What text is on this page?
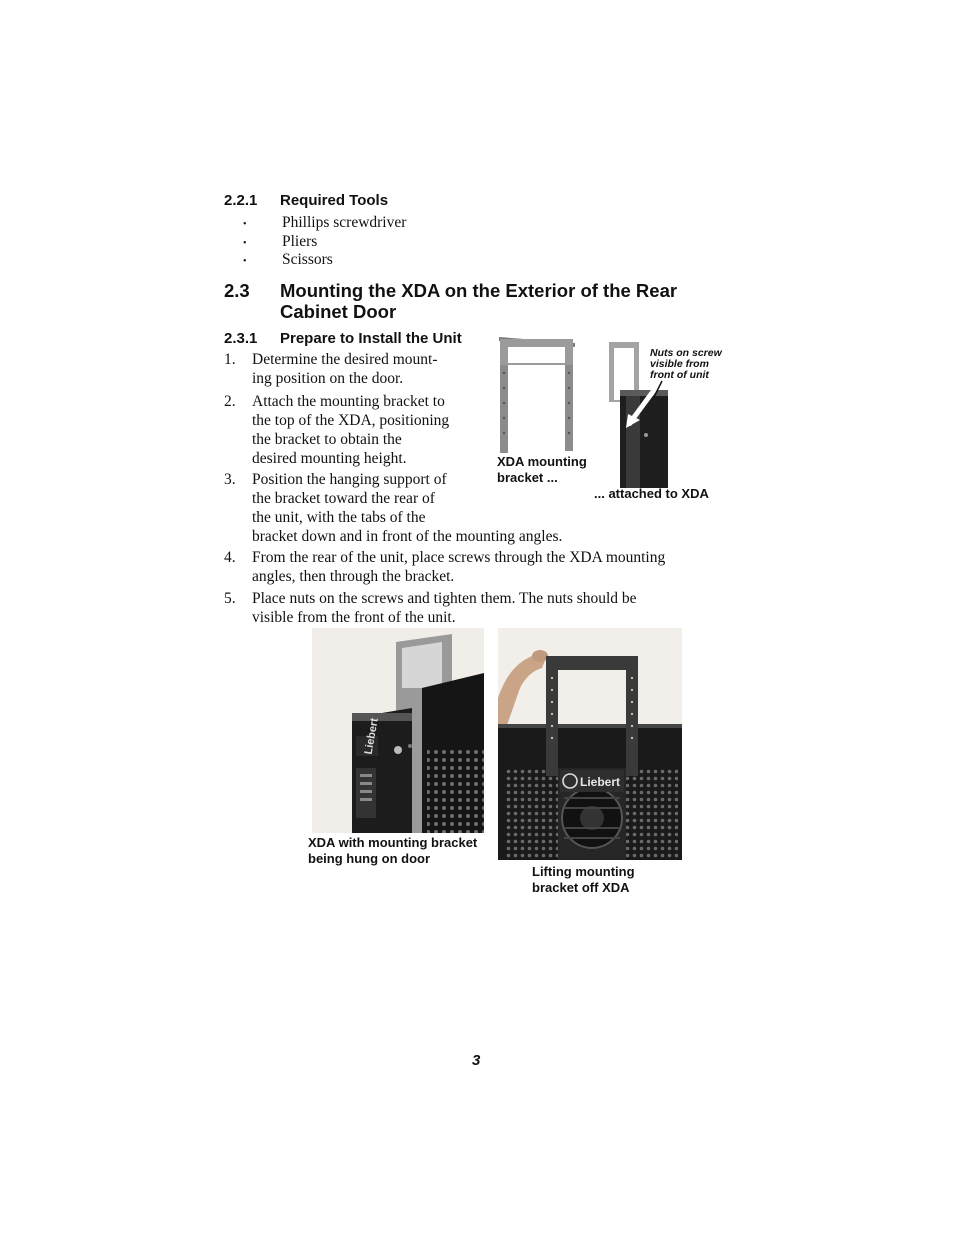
2.2.1 Required Tools
• Phillips screwdriver
• Pliers
• Scissors
2.3 Mounting the XDA on the Exterior of the Rear
Cabinet Door
2.3.1 Prepare to Install the Unit
1. Determine the desired mount-
ing position on the door.
2. Attach the mounting bracket to
the top of the XDA, positioning
the bracket to obtain the
desired mounting height.
3. Position the hanging support of
the bracket toward the rear of
the unit, with the tabs of the
bracket down and in front of the mounting angles.
4. From the rear of the unit, place screws through the XDA mounting
angles, then through the bracket.
5. Place nuts on the screws and tighten them. The nuts should be
visible from the front of the unit.
XDA mounting
bracket ...
Nuts on screw
visible from
front of unit
... attached to XDA
Liebert
XDA with mounting bracket
being hung on door
Liebert
Lifting mounting
bracket off XDA
3
